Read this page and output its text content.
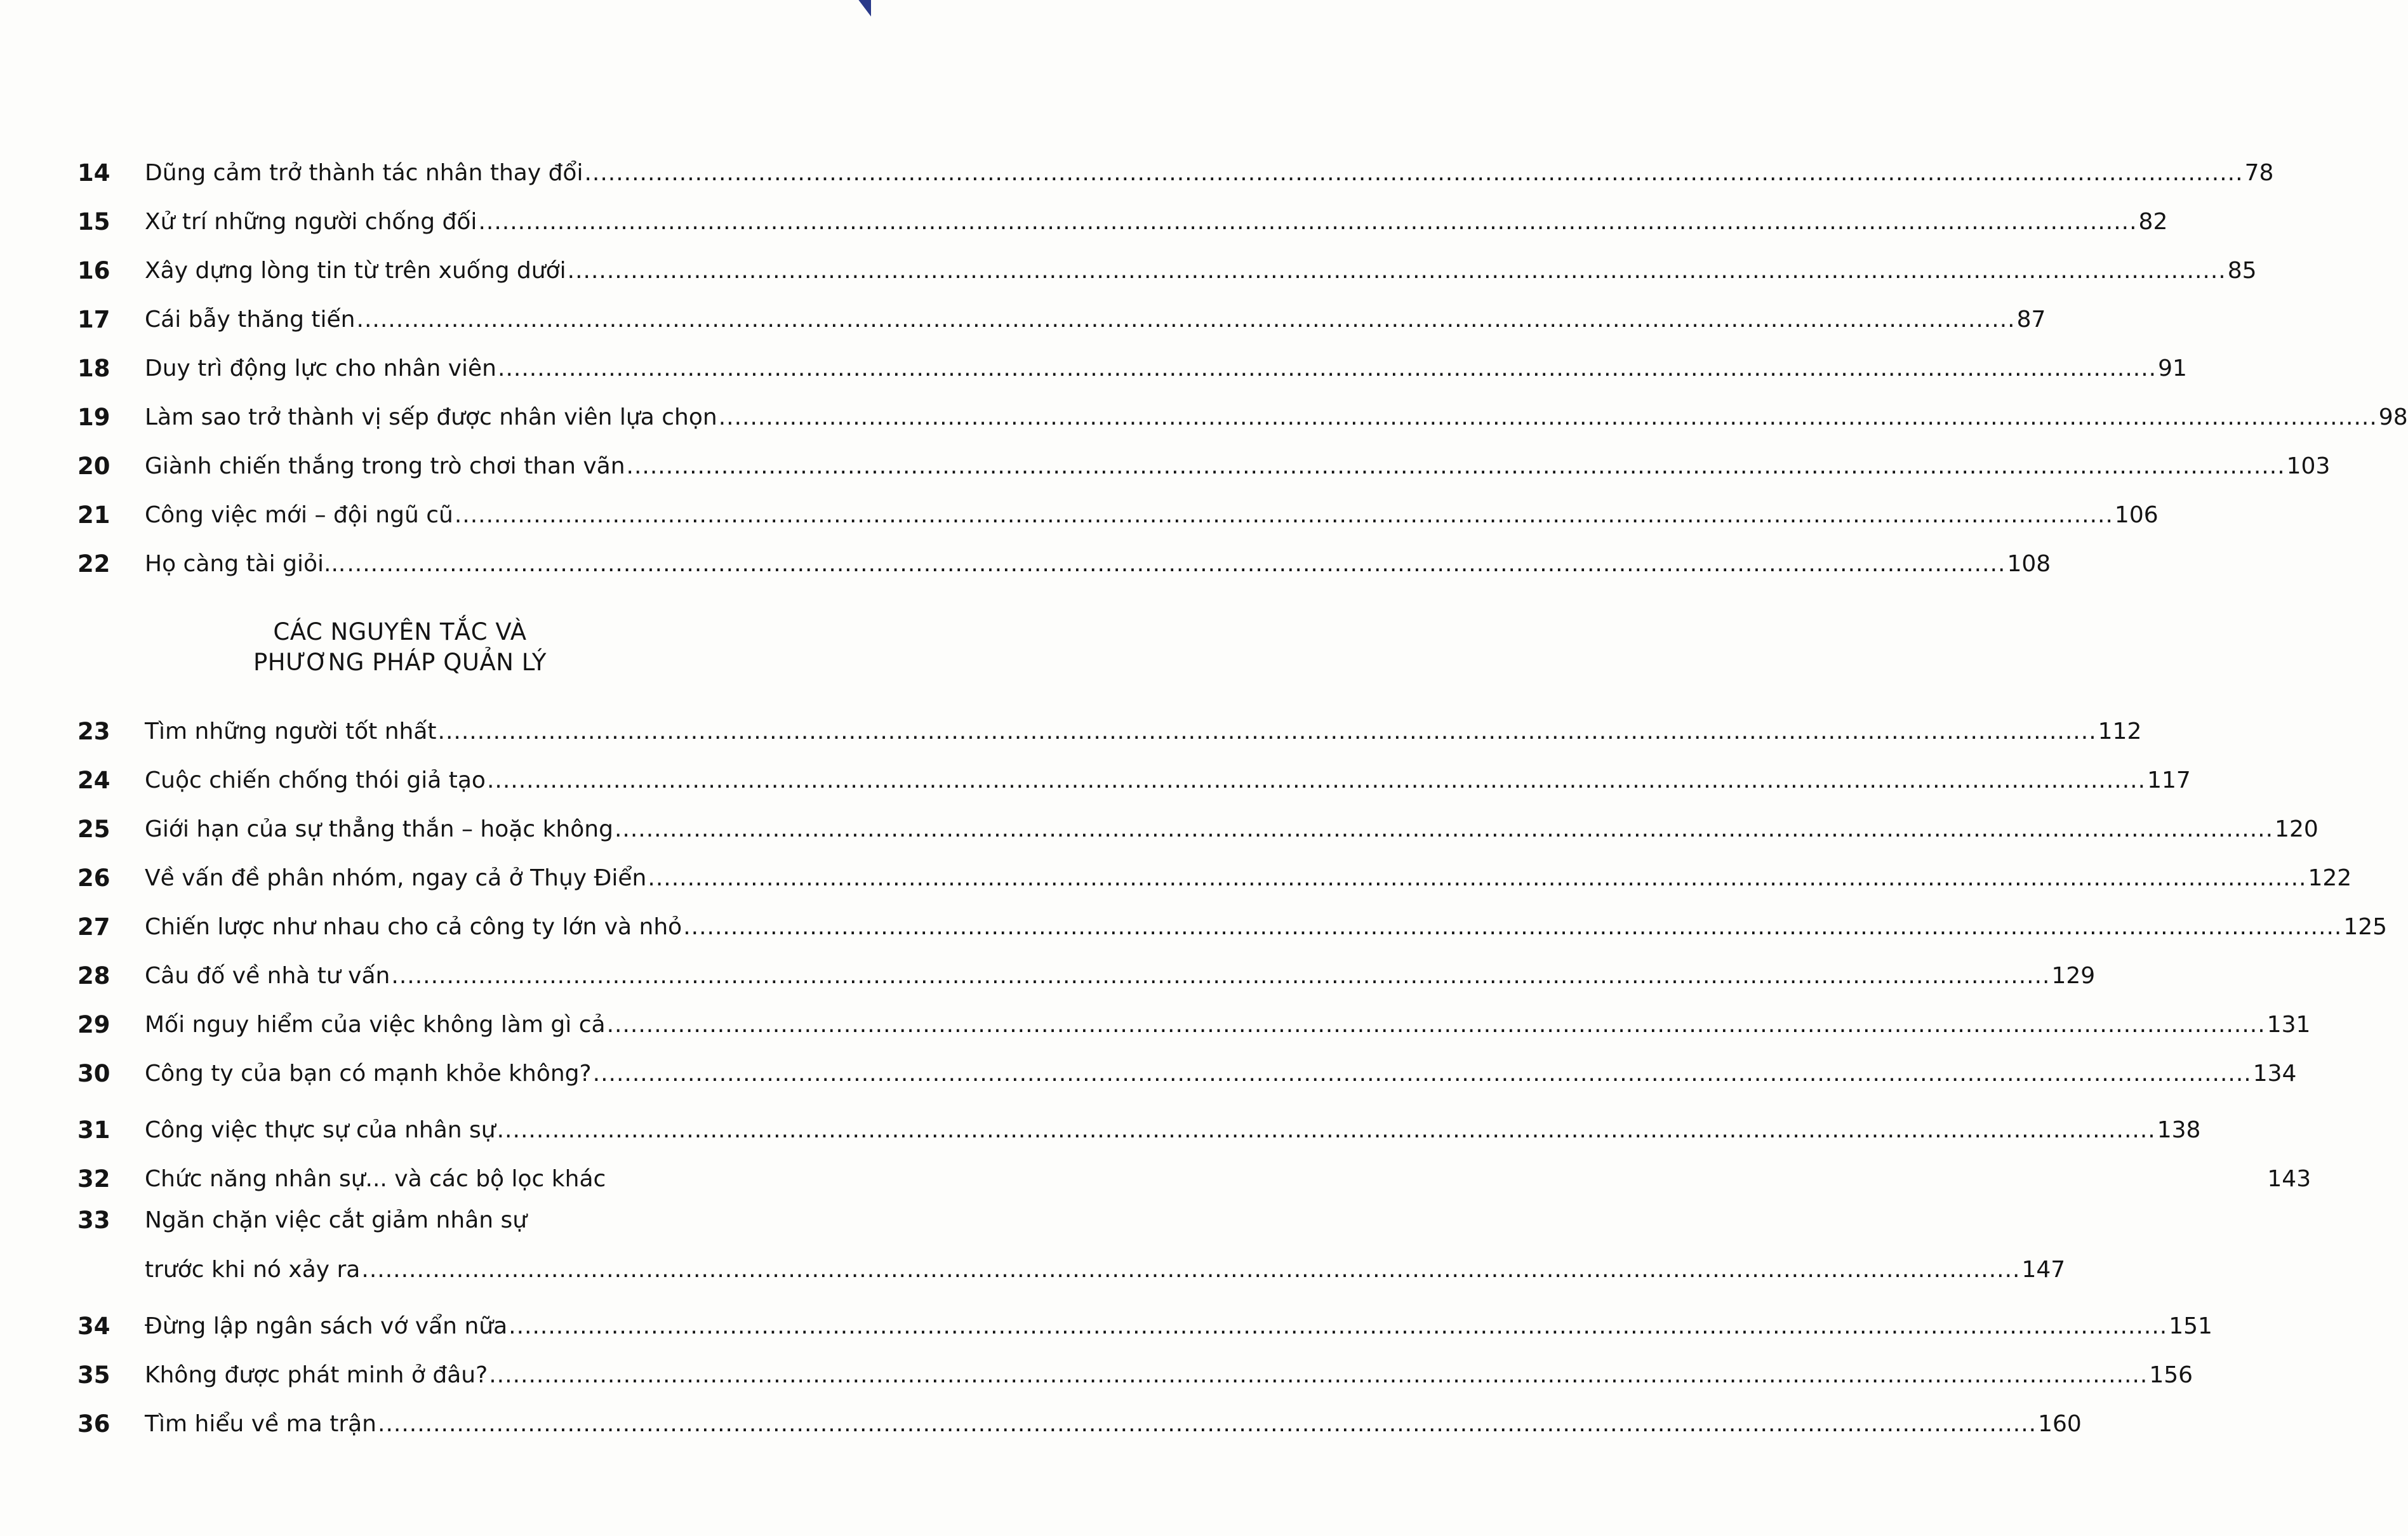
14	Dũng cảm trở thành tác nhân thay đổi .....	78
15	Xử trí những người chống đối .....	82
16	Xây dựng lòng tin từ trên xuống dưới .....	85
17	Cái bẫy thăng tiến .....	87
18	Duy trì động lực cho nhân viên .....	91
19	Làm sao trở thành vị sếp được nhân viên lựa chọn .....	98
20	Giành chiến thắng trong trò chơi than vãn .....	103
21	Công việc mới – đội ngũ cũ .....	106
22	Họ càng tài giỏi... .....	108
CÁC NGUYÊN TẮC VÀ
PHƯƠNG PHÁP QUẢN LÝ
23	Tìm những người tốt nhất .....	112
24	Cuộc chiến chống thói giả tạo .....	117
25	Giới hạn của sự thẳng thắn – hoặc không .....	120
26	Về vấn đề phân nhóm, ngay cả ở Thụy Điển .....	122
27	Chiến lược như nhau cho cả công ty lớn và nhỏ .....	125
28	Câu đố về nhà tư vấn .....	129
29	Mối nguy hiểm của việc không làm gì cả .....	131
30	Công ty của bạn có mạnh khỏe không? .....	134
31	Công việc thực sự của nhân sự .....	138
32	Chức năng nhân sự... và các bộ lọc khác	143
33	Ngăn chặn việc cắt giảm nhân sự
trước khi nó xảy ra .....	147
34	Đừng lập ngân sách vớ vẩn nữa .....	151
35	Không được phát minh ở đâu? .....	156
36	Tìm hiểu về ma trận .....	160
